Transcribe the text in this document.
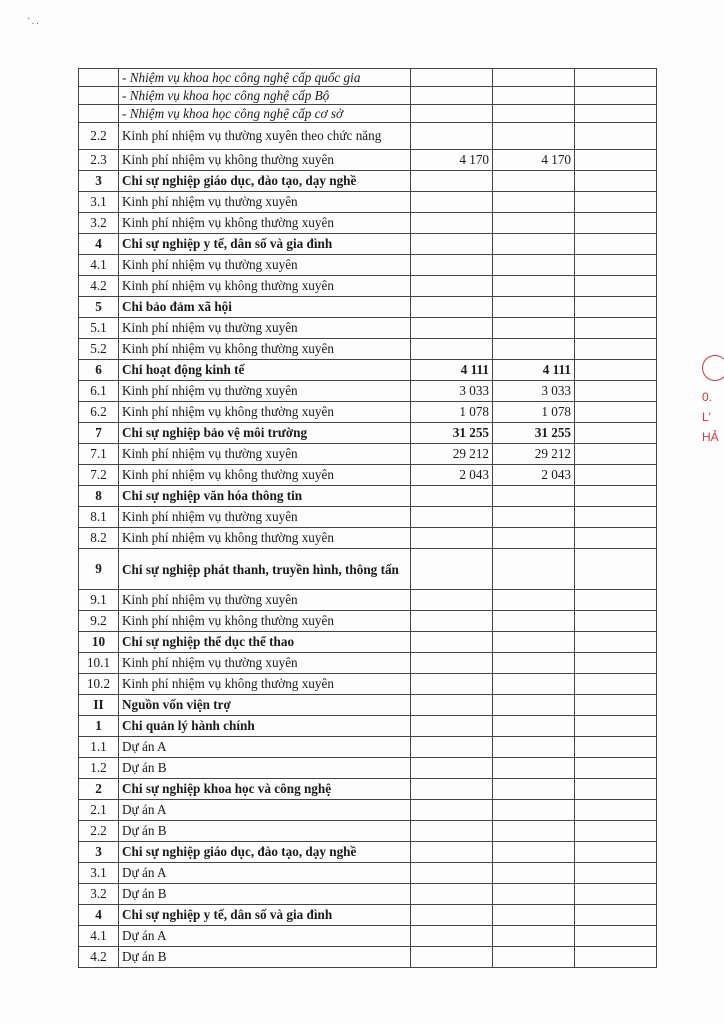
' . .
0.
L'
HẢ
	- Nhiệm vụ khoa học công nghệ cấp quốc gia			
	- Nhiệm vụ khoa học công nghệ cấp Bộ			
	- Nhiệm vụ khoa học công nghệ cấp cơ sở			
2.2	Kinh phí nhiệm vụ thường xuyên theo chức năng			
2.3	Kinh phí nhiệm vụ không thường xuyên	4 170	4 170	
3	Chi sự nghiệp giáo dục, đào tạo, dạy nghề			
3.1	Kinh phí nhiệm vụ thường xuyên			
3.2	Kinh phí nhiệm vụ không thường xuyên			
4	Chi sự nghiệp y tế, dân số và gia đình			
4.1	Kinh phí nhiệm vụ thường xuyên			
4.2	Kinh phí nhiệm vụ không thường xuyên			
5	Chi bảo đảm xã hội			
5.1	Kinh phí nhiệm vụ thường xuyên			
5.2	Kinh phí nhiệm vụ không thường xuyên			
6	Chi hoạt động kinh tế	4 111	4 111	
6.1	Kinh phí nhiệm vụ thường xuyên	3 033	3 033	
6.2	Kinh phí nhiệm vụ không thường xuyên	1 078	1 078	
7	Chi sự nghiệp bảo vệ môi trường	31 255	31 255	
7.1	Kinh phí nhiệm vụ thường xuyên	29 212	29 212	
7.2	Kinh phí nhiệm vụ không thường xuyên	2 043	2 043	
8	Chi sự nghiệp văn hóa thông tin			
8.1	Kinh phí nhiệm vụ thường xuyên			
8.2	Kinh phí nhiệm vụ không thường xuyên			
9	Chi sự nghiệp phát thanh, truyền hình, thông tấn			
9.1	Kinh phí nhiệm vụ thường xuyên			
9.2	Kinh phí nhiệm vụ không thường xuyên			
10	Chi sự nghiệp thể dục thể thao			
10.1	Kinh phí nhiệm vụ thường xuyên			
10.2	Kinh phí nhiệm vụ không thường xuyên			
II	Nguồn vốn viện trợ			
1	Chi quản lý hành chính			
1.1	Dự án A			
1.2	Dự án B			
2	Chi sự nghiệp khoa học và công nghệ			
2.1	Dự án A			
2.2	Dự án B			
3	Chi sự nghiệp giáo dục, đào tạo, dạy nghề			
3.1	Dự án A			
3.2	Dự án B			
4	Chi sự nghiệp y tế, dân số và gia đình			
4.1	Dự án A			
4.2	Dự án B			
